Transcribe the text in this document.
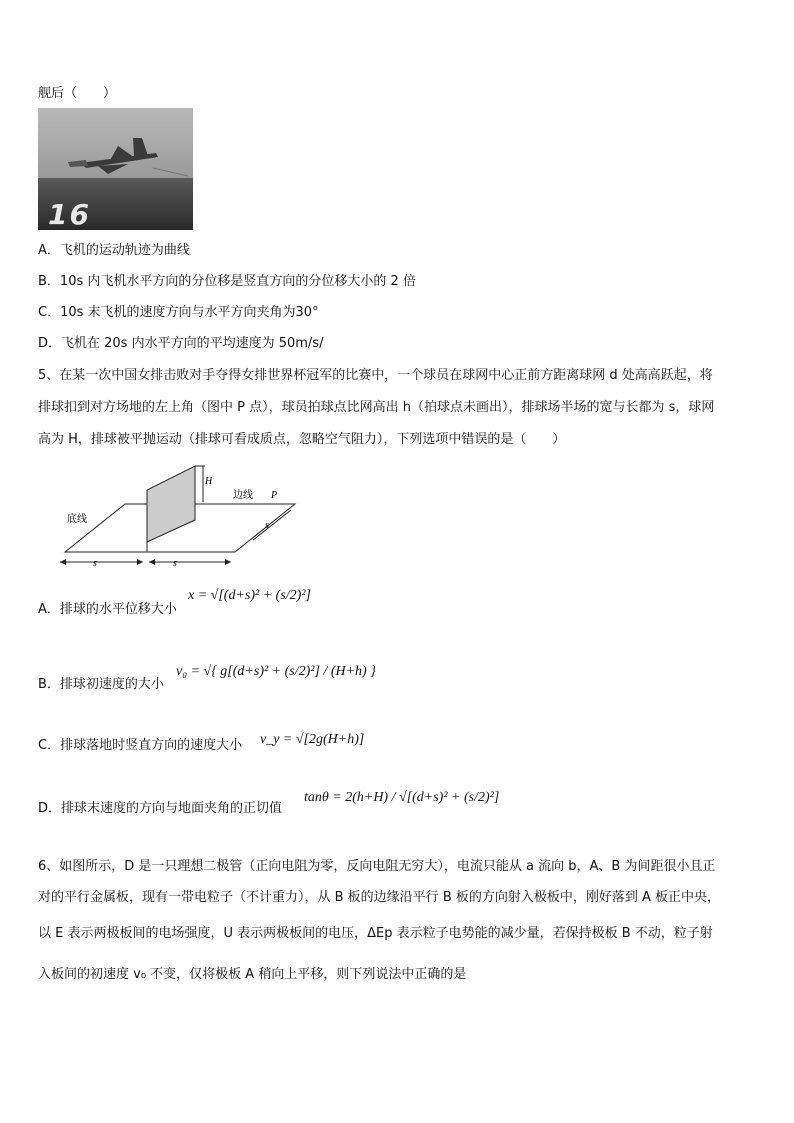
舰后（　　）
16
A．飞机的运动轨迹为曲线
B．10s 内飞机水平方向的分位移是竖直方向的分位移大小的 2 倍
C．10s 末飞机的速度方向与水平方向夹角为30°
D．飞机在 20s 内水平方向的平均速度为 50m/s/
5、在某一次中国女排击败对手夺得女排世界杯冠军的比赛中，一个球员在球网中心正前方距离球网 d 处高高跃起，将
排球扣到对方场地的左上角（图中 P 点），球员拍球点比网高出 h（拍球点未画出），排球场半场的宽与长都为 s，球网
高为 H，排球被平抛运动（排球可看成质点，忽略空气阻力），下列选项中错误的是（　　）
H
边线 P
底线
s	s
s
A．排球的水平位移大小
x = √[(d+s)² + (s/2)²]
B．排球初速度的大小
v₀ = √{ g[(d+s)² + (s/2)²] / (H+h) }
C．排球落地时竖直方向的速度大小 v_y = √[2g(H+h)]
D．排球末速度的方向与地面夹角的正切值
tanθ = 2(h+H) / √[(d+s)² + (s/2)²]
6、如图所示，D 是一只理想二极管（正向电阻为零，反向电阻无穷大），电流只能从 a 流向 b，A、B 为间距很小且正
对的平行金属板，现有一带电粒子（不计重力），从 B 板的边缘沿平行 B 板的方向射入极板中，刚好落到 A 板正中央，
以 E 表示两极板间的电场强度，U 表示两极板间的电压，ΔEp 表示粒子电势能的减少量，若保持极板 B 不动，粒子射
入板间的初速度 v₀ 不变，仅将极板 A 稍向上平移，则下列说法中正确的是
